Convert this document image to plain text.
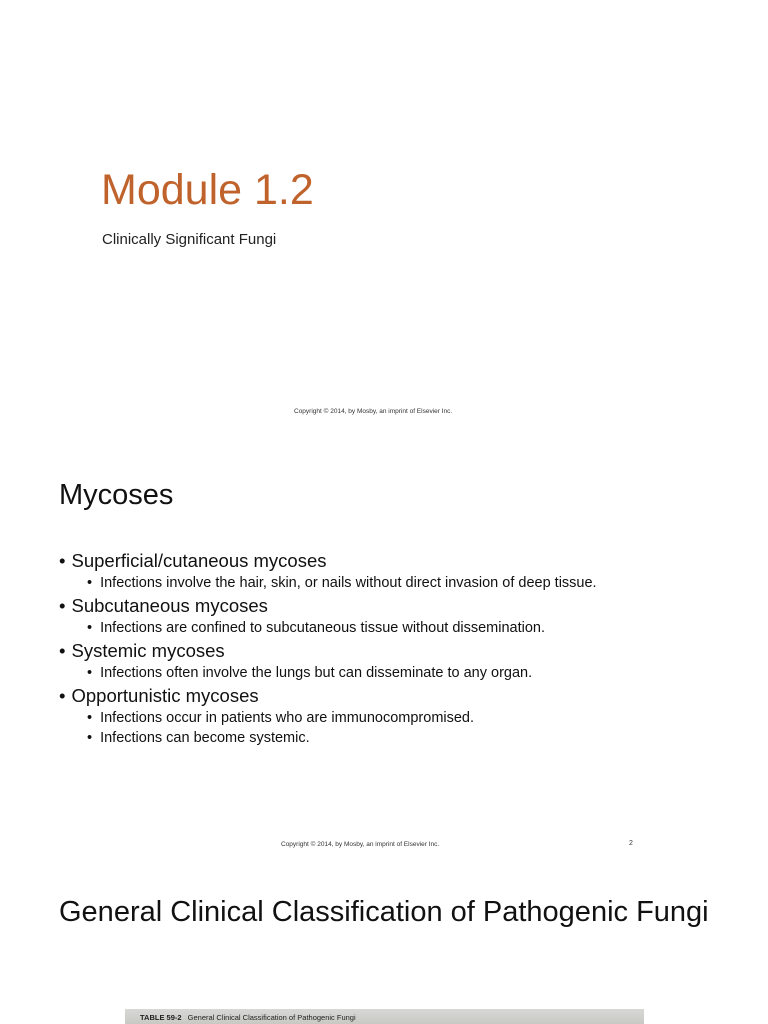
Module 1.2
Clinically Significant Fungi
Copyright © 2014, by Mosby, an imprint of Elsevier Inc.
Mycoses
• Superficial/cutaneous mycoses
• Infections involve the hair, skin, or nails without direct invasion of deep tissue.
• Subcutaneous mycoses
• Infections are confined to subcutaneous tissue without dissemination.
• Systemic mycoses
• Infections often involve the lungs but can disseminate to any organ.
• Opportunistic mycoses
• Infections occur in patients who are immunocompromised.
• Infections can become systemic.
Copyright © 2014, by Mosby, an imprint of Elsevier Inc.	2
General Clinical Classification of Pathogenic Fungi
TABLE 59-2 General Clinical Classification of Pathogenic Fungi
